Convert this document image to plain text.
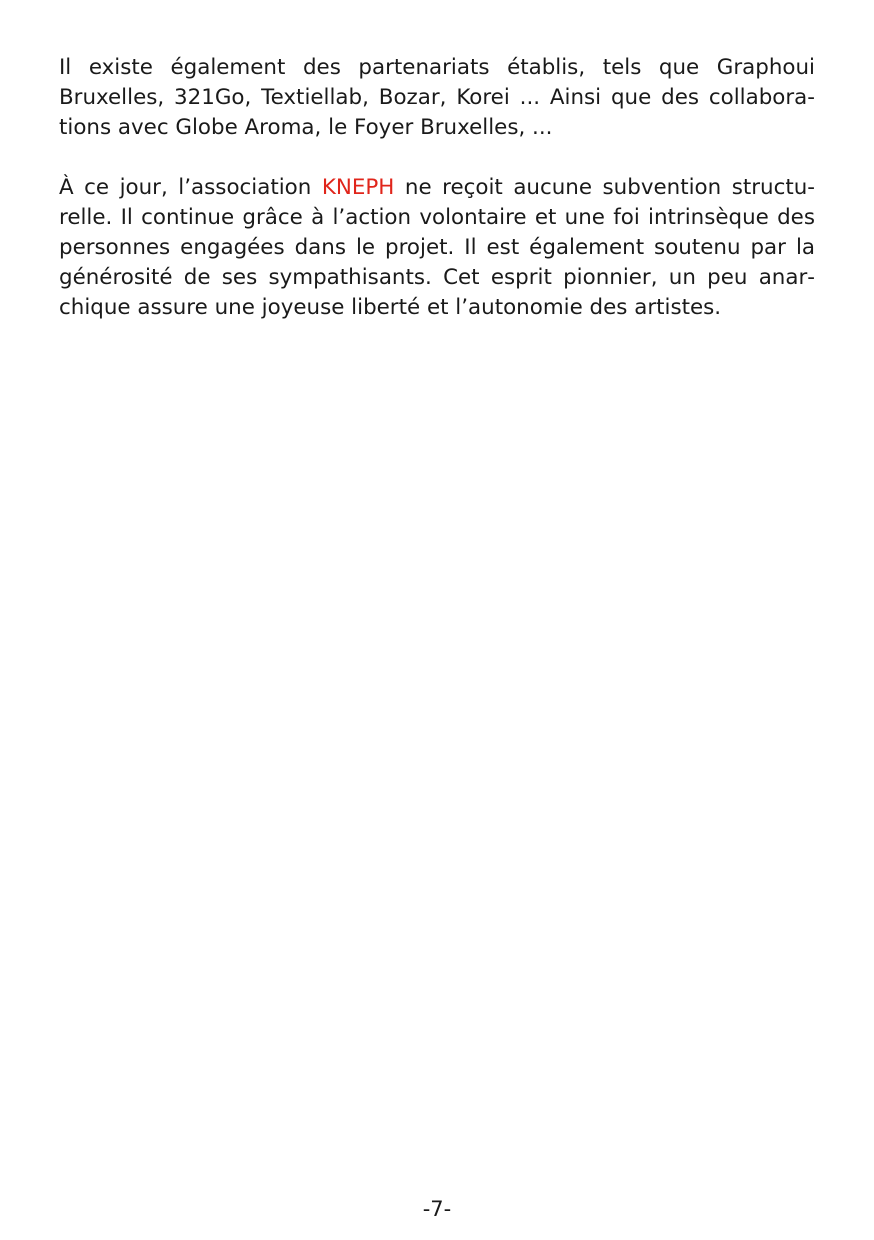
Il existe également des partenariats établis, tels que Graphoui Bruxelles, 321Go, Textiellab, Bozar, Korei ... Ainsi que des collaborations avec Globe Aroma, le Foyer Bruxelles, ...

À ce jour, l’association KNEPH ne reçoit aucune subvention structurelle. Il continue grâce à l’action volontaire et une foi intrinsèque des personnes engagées dans le projet. Il est également soutenu par la générosité de ses sympathisants. Cet esprit pionnier, un peu anarchique assure une joyeuse liberté et l’autonomie des artistes.

-7-
